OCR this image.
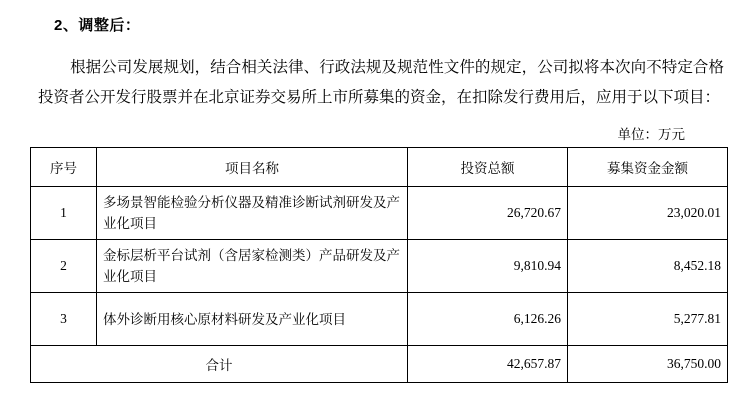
2、调整后：
根据公司发展规划，结合相关法律、行政法规及规范性文件的规定，公司拟将本次向不特定合格投资者公开发行股票并在北京证券交易所上市所募集的资金，在扣除发行费用后，应用于以下项目：
单位：万元
序号	项目名称	投资总额	募集资金金额
1	多场景智能检验分析仪器及精准诊断试剂研发及产业化项目	26,720.67	23,020.01
2	金标层析平台试剂（含居家检测类）产品研发及产业化项目	9,810.94	8,452.18
3	体外诊断用核心原材料研发及产业化项目	6,126.26	5,277.81
合计		42,657.87	36,750.00
